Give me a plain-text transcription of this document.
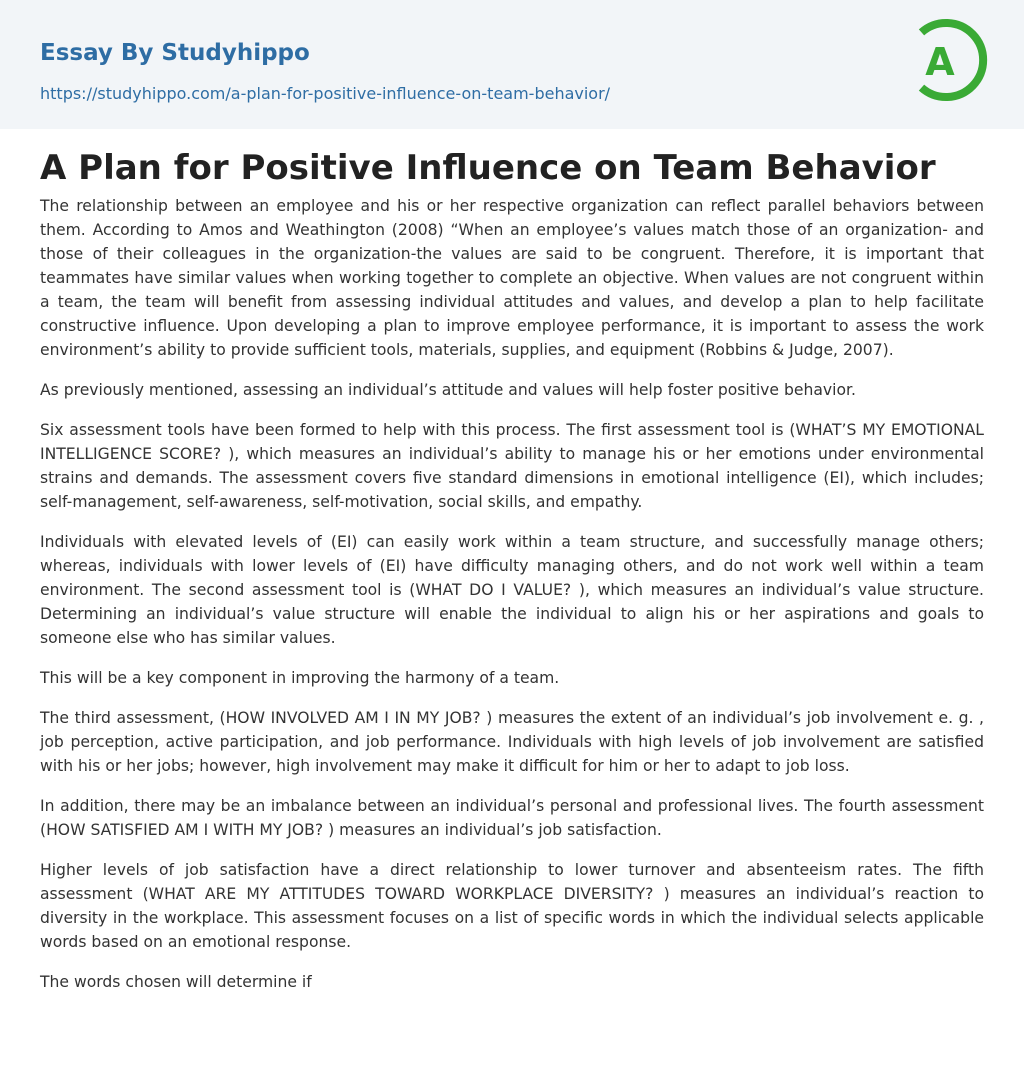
Essay By Studyhippo
https://studyhippo.com/a-plan-for-positive-influence-on-team-behavior/
A
A Plan for Positive Influence on Team Behavior

The relationship between an employee and his or her respective organization can reflect parallel behaviors between them. According to Amos and Weathington (2008) “When an employee’s values match those of an organization- and those of their colleagues in the organization-the values are said to be congruent. Therefore, it is important that teammates have similar values when working together to complete an objective. When values are not congruent within a team, the team will benefit from assessing individual attitudes and values, and develop a plan to help facilitate constructive influence. Upon developing a plan to improve employee performance, it is important to assess the work environment’s ability to provide sufficient tools, materials, supplies, and equipment (Robbins & Judge, 2007).

As previously mentioned, assessing an individual’s attitude and values will help foster positive behavior.

Six assessment tools have been formed to help with this process. The first assessment tool is (WHAT’S MY EMOTIONAL INTELLIGENCE SCORE? ), which measures an individual’s ability to manage his or her emotions under environmental strains and demands. The assessment covers five standard dimensions in emotional intelligence (EI), which includes; self-management, self-awareness, self-motivation, social skills, and empathy.

Individuals with elevated levels of (EI) can easily work within a team structure, and successfully manage others; whereas, individuals with lower levels of (EI) have difficulty managing others, and do not work well within a team environment. The second assessment tool is (WHAT DO I VALUE? ), which measures an individual’s value structure. Determining an individual’s value structure will enable the individual to align his or her aspirations and goals to someone else who has similar values.

This will be a key component in improving the harmony of a team.

The third assessment, (HOW INVOLVED AM I IN MY JOB? ) measures the extent of an individual’s job involvement e. g. , job perception, active participation, and job performance. Individuals with high levels of job involvement are satisfied with his or her jobs; however, high involvement may make it difficult for him or her to adapt to job loss.

In addition, there may be an imbalance between an individual’s personal and professional lives. The fourth assessment (HOW SATISFIED AM I WITH MY JOB? ) measures an individual’s job satisfaction.

Higher levels of job satisfaction have a direct relationship to lower turnover and absenteeism rates. The fifth assessment (WHAT ARE MY ATTITUDES TOWARD WORKPLACE DIVERSITY? ) measures an individual’s reaction to diversity in the workplace. This assessment focuses on a list of specific words in which the individual selects applicable words based on an emotional response.

The words chosen will determine if
